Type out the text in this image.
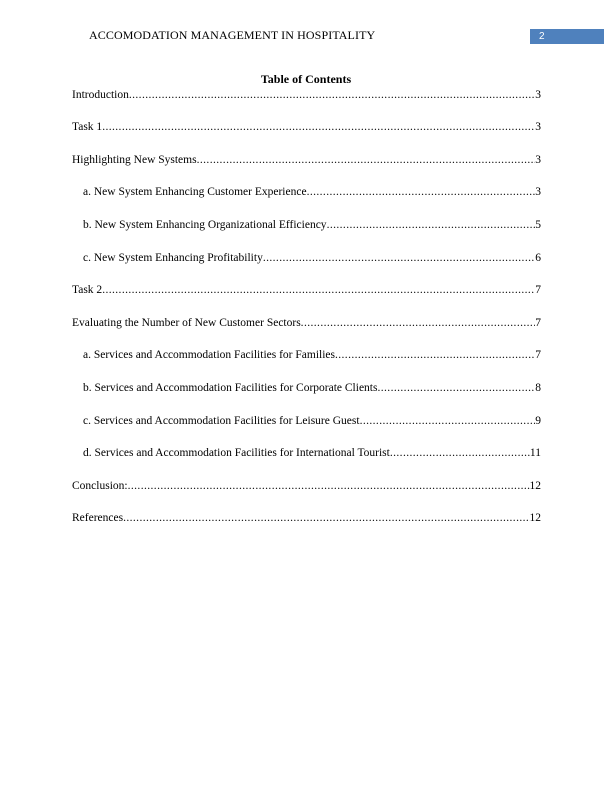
ACCOMODATION MANAGEMENT IN HOSPITALITY	2
Table of Contents
Introduction .....	3
Task 1 .....	3
Highlighting New Systems .....	3
a. New System Enhancing Customer Experience .....	3
b. New System Enhancing Organizational Efficiency .....	5
c. New System Enhancing Profitability .....	6
Task 2 .....	7
Evaluating the Number of New Customer Sectors .....	7
a. Services and Accommodation Facilities for Families .....	7
b. Services and Accommodation Facilities for Corporate Clients .....	8
c. Services and Accommodation Facilities for Leisure Guest .....	9
d. Services and Accommodation Facilities for International Tourist .....	11
Conclusion: .....	12
References .....	12
